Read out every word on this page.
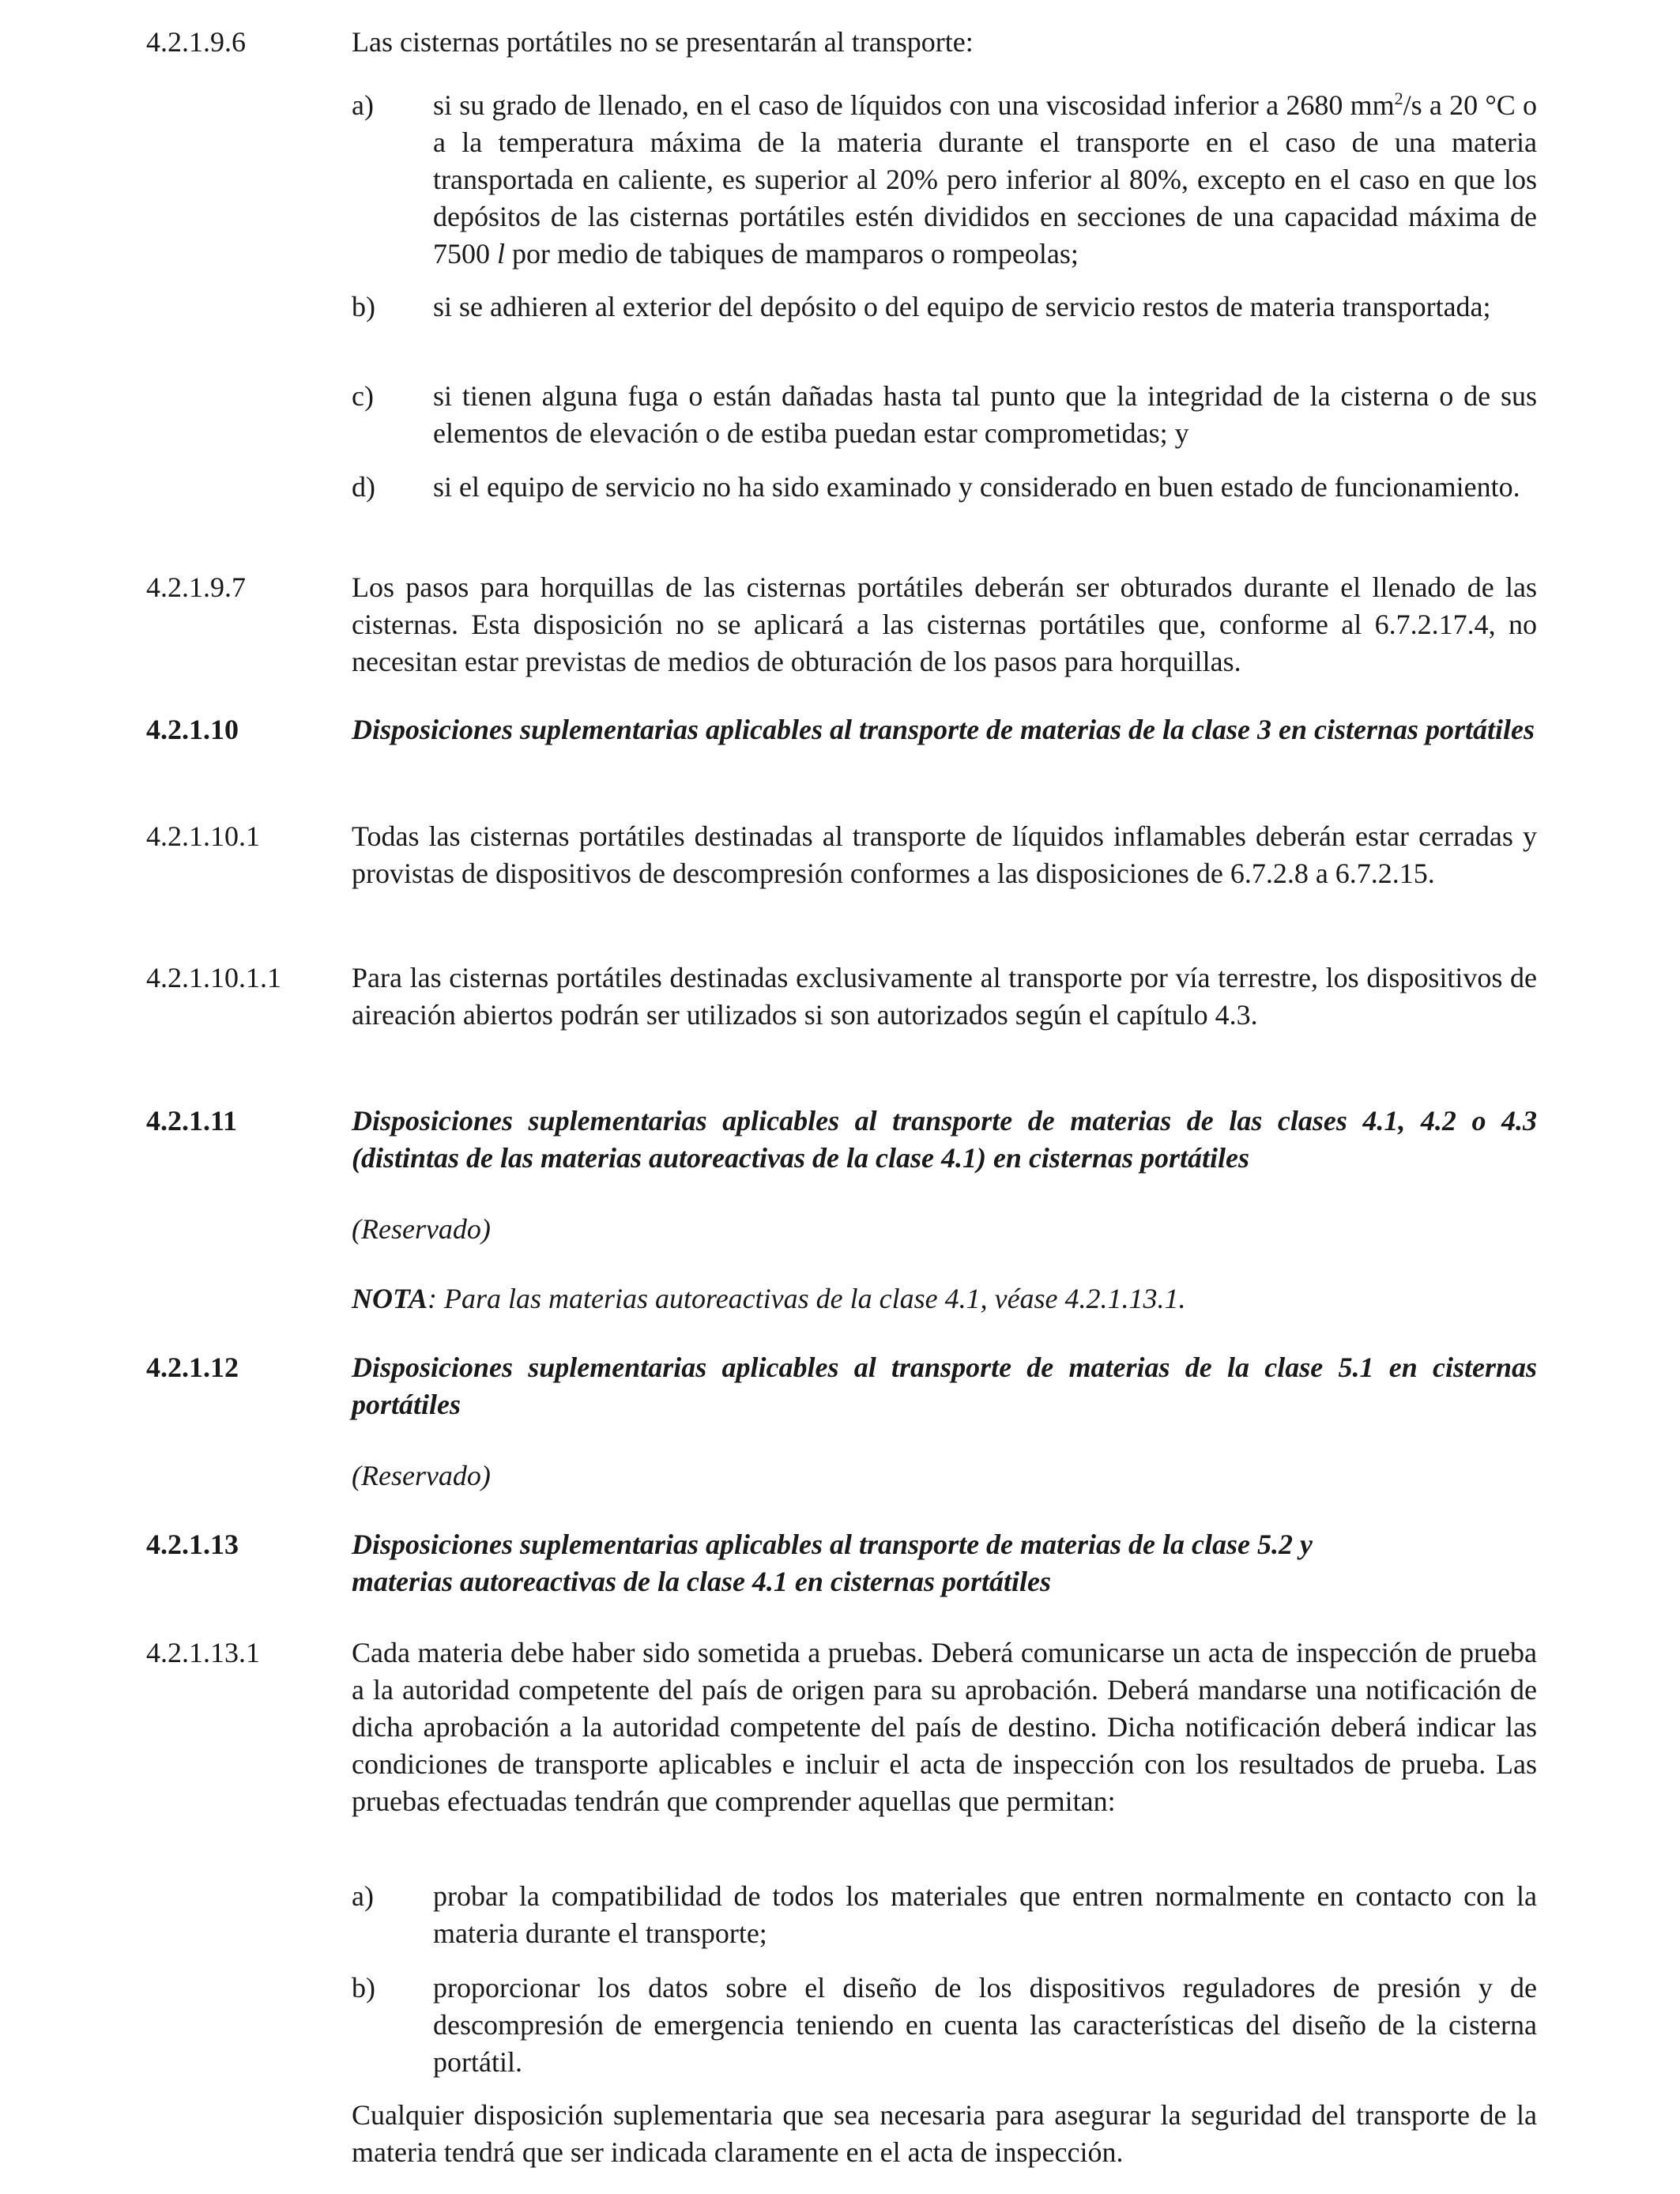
4.2.1.9.6	Las cisternas portátiles no se presentarán al transporte:
a) si su grado de llenado, en el caso de líquidos con una viscosidad inferior a 2680 $mm^2/s$ a 20 °C o a la temperatura máxima de la materia durante el transporte en el caso de una materia transportada en caliente, es superior al 20% pero inferior al 80%, excepto en el caso en que los depósitos de las cisternas portátiles estén divididos en secciones de una capacidad máxima de 7500 l por medio de tabiques de mamparos o rompeolas;
b) si se adhieren al exterior del depósito o del equipo de servicio restos de materia transportada;
c) si tienen alguna fuga o están dañadas hasta tal punto que la integridad de la cisterna o de sus elementos de elevación o de estiba puedan estar comprometidas; y
d) si el equipo de servicio no ha sido examinado y considerado en buen estado de funcionamiento.
4.2.1.9.7	Los pasos para horquillas de las cisternas portátiles deberán ser obturados durante el llenado de las cisternas. Esta disposición no se aplicará a las cisternas portátiles que, conforme al 6.7.2.17.4, no necesitan estar previstas de medios de obturación de los pasos para horquillas.
4.2.1.10	Disposiciones suplementarias aplicables al transporte de materias de la clase 3 en cisternas portátiles
4.2.1.10.1	Todas las cisternas portátiles destinadas al transporte de líquidos inflamables deberán estar cerradas y provistas de dispositivos de descompresión conformes a las disposiciones de 6.7.2.8 a 6.7.2.15.
4.2.1.10.1.1 Para las cisternas portátiles destinadas exclusivamente al transporte por vía terrestre, los dispositivos de aireación abiertos podrán ser utilizados si son autorizados según el capítulo 4.3.
4.2.1.11	Disposiciones suplementarias aplicables al transporte de materias de las clases 4.1, 4.2 o 4.3 (distintas de las materias autoreactivas de la clase 4.1) en cisternas portátiles
(Reservado)
NOTA: Para las materias autoreactivas de la clase 4.1, véase 4.2.1.13.1.
4.2.1.12	Disposiciones suplementarias aplicables al transporte de materias de la clase 5.1 en cisternas portátiles
(Reservado)
4.2.1.13	Disposiciones suplementarias aplicables al transporte de materias de la clase 5.2 y
materias autoreactivas de la clase 4.1 en cisternas portátiles
4.2.1.13.1	Cada materia debe haber sido sometida a pruebas. Deberá comunicarse un acta de inspección de prueba a la autoridad competente del país de origen para su aprobación. Deberá mandarse una notificación de dicha aprobación a la autoridad competente del país de destino. Dicha notificación deberá indicar las condiciones de transporte aplicables e incluir el acta de inspección con los resultados de prueba. Las pruebas efectuadas tendrán que comprender aquellas que permitan:
a) probar la compatibilidad de todos los materiales que entren normalmente en contacto con la materia durante el transporte;
b) proporcionar los datos sobre el diseño de los dispositivos reguladores de presión y de descompresión de emergencia teniendo en cuenta las características del diseño de la cisterna portátil.
Cualquier disposición suplementaria que sea necesaria para asegurar la seguridad del transporte de la materia tendrá que ser indicada claramente en el acta de inspección.
